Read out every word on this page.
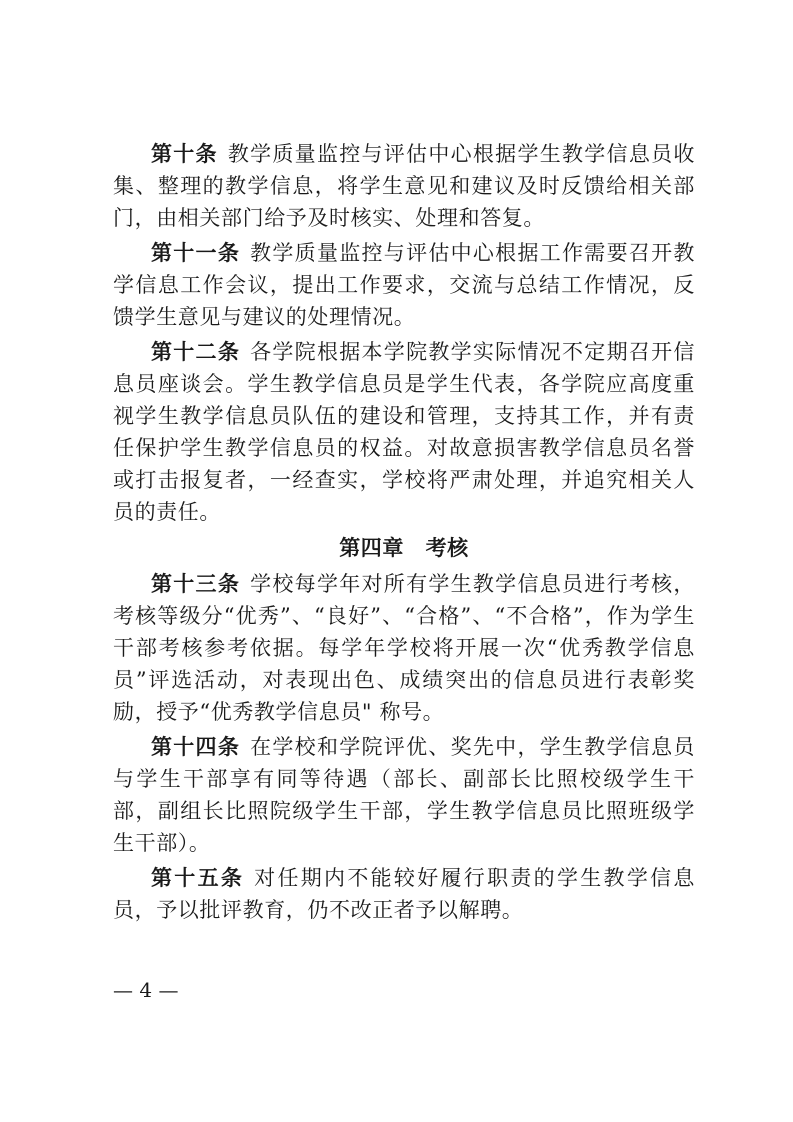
第十条 教学质量监控与评估中心根据学生教学信息员收集、整理的教学信息，将学生意见和建议及时反馈给相关部门，由相关部门给予及时核实、处理和答复。

第十一条 教学质量监控与评估中心根据工作需要召开教学信息工作会议，提出工作要求，交流与总结工作情况，反馈学生意见与建议的处理情况。

第十二条 各学院根据本学院教学实际情况不定期召开信息员座谈会。学生教学信息员是学生代表，各学院应高度重视学生教学信息员队伍的建设和管理，支持其工作，并有责任保护学生教学信息员的权益。对故意损害教学信息员名誉或打击报复者，一经查实，学校将严肃处理，并追究相关人员的责任。

第四章　考核

第十三条 学校每学年对所有学生教学信息员进行考核，考核等级分“优秀”、“良好”、“合格”、“不合格”，作为学生干部考核参考依据。每学年学校将开展一次“优秀教学信息员”评选活动，对表现出色、成绩突出的信息员进行表彰奖励，授予“优秀教学信息员" 称号。

第十四条 在学校和学院评优、奖先中，学生教学信息员与学生干部享有同等待遇（部长、副部长比照校级学生干部，副组长比照院级学生干部，学生教学信息员比照班级学生干部）。

第十五条 对任期内不能较好履行职责的学生教学信息员，予以批评教育，仍不改正者予以解聘。

— 4 —
